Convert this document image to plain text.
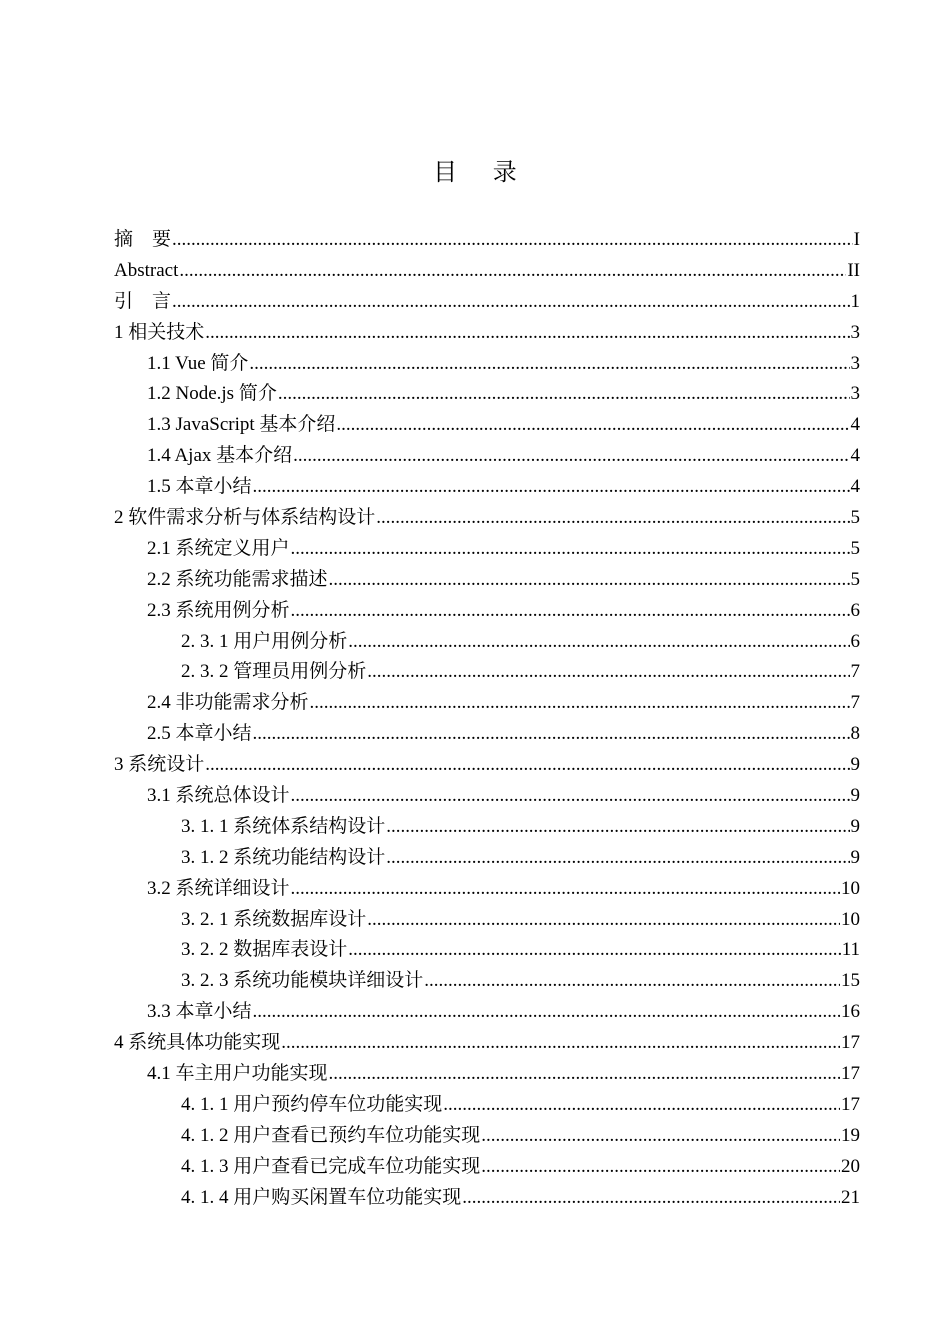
目 录
摘　要 .....	I
Abstract .....	II
引　言 .....	1
1 相关技术 .....	3
1.1 Vue 简介 .....	3
1.2 Node.js 简介 .....	3
1.3 JavaScript 基本介绍 .....	4
1.4 Ajax 基本介绍 .....	4
1.5 本章小结 .....	4
2 软件需求分析与体系结构设计 .....	5
2.1 系统定义用户 .....	5
2.2 系统功能需求描述 .....	5
2.3 系统用例分析 .....	6
2. 3. 1 用户用例分析 .....	6
2. 3. 2 管理员用例分析 .....	7
2.4 非功能需求分析 .....	7
2.5 本章小结 .....	8
3 系统设计 .....	9
3.1 系统总体设计 .....	9
3. 1. 1 系统体系结构设计 .....	9
3. 1. 2 系统功能结构设计 .....	9
3.2 系统详细设计 .....	10
3. 2. 1 系统数据库设计 .....	10
3. 2. 2 数据库表设计 .....	11
3. 2. 3 系统功能模块详细设计 .....	15
3.3 本章小结 .....	16
4 系统具体功能实现 .....	17
4.1 车主用户功能实现 .....	17
4. 1. 1 用户预约停车位功能实现 .....	17
4. 1. 2 用户查看已预约车位功能实现 .....	19
4. 1. 3 用户查看已完成车位功能实现 .....	20
4. 1. 4 用户购买闲置车位功能实现 .....	21
